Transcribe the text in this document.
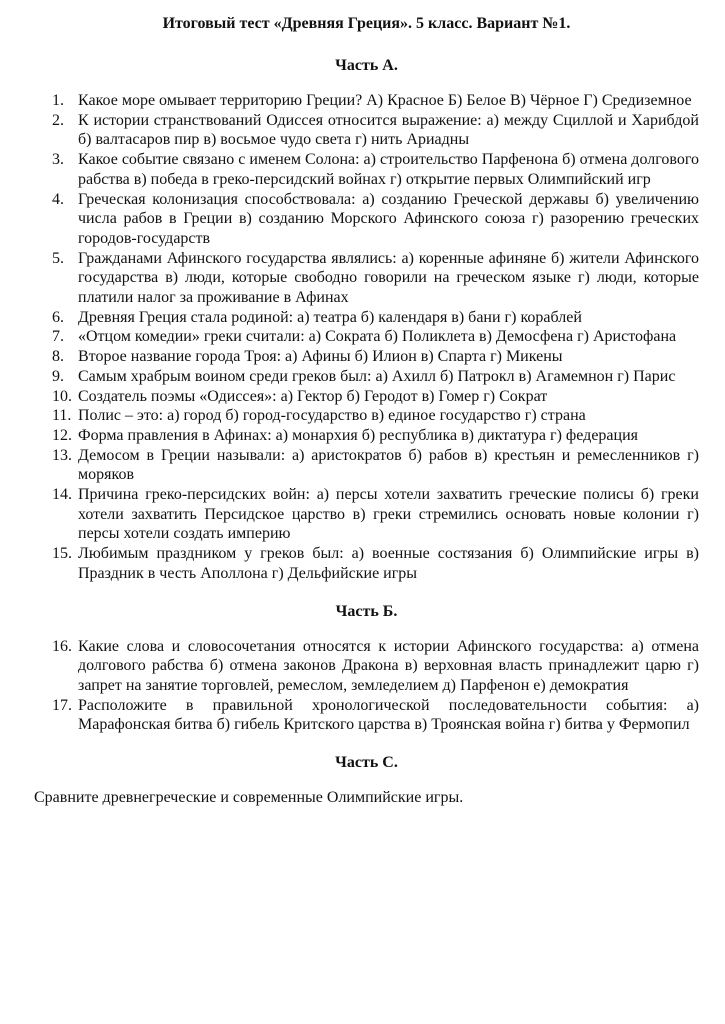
Итоговый тест «Древняя Греция». 5 класс. Вариант №1.
Часть А.

1. Какое море омывает территорию Греции? А) Красное Б) Белое В) Чёрное Г) Средиземное

2. К истории странствований Одиссея относится выражение: а) между Сциллой и Харибдой б) валтасаров пир в) восьмое чудо света г) нить Ариадны

3. Какое событие связано с именем Солона: а) строительство Парфенона б) отмена долгового рабства в) победа в греко-персидский войнах г) открытие первых Олимпийский игр

4. Греческая колонизация способствовала: а) созданию Греческой державы б) увеличению числа рабов в Греции в) созданию Морского Афинского союза г) разорению греческих городов-государств

5. Гражданами Афинского государства являлись: а) коренные афиняне б) жители Афинского государства в) люди, которые свободно говорили на греческом языке г) люди, которые платили налог за проживание в Афинах

6. Древняя Греция стала родиной: а) театра б) календаря в) бани г) кораблей

7. «Отцом комедии» греки считали: а) Сократа б) Поликлета в) Демосфена г) Аристофана

8. Второе название города Троя: а) Афины б) Илион в) Спарта г) Микены

9. Самым храбрым воином среди греков был: а) Ахилл б) Патрокл в) Агамемнон г) Парис

10. Создатель поэмы «Одиссея»: а) Гектор б) Геродот в) Гомер г) Сократ

11. Полис – это: а) город б) город-государство в) единое государство г) страна

12. Форма правления в Афинах: а) монархия б) республика в) диктатура г) федерация

13. Демосом в Греции называли: а) аристократов б) рабов в) крестьян и ремесленников г) моряков

14. Причина греко-персидских войн: а) персы хотели захватить греческие полисы б) греки хотели захватить Персидское царство в) греки стремились основать новые колонии г) персы хотели создать империю

15. Любимым праздником у греков был: а) военные состязания б) Олимпийские игры в) Праздник в честь Аполлона г) Дельфийские игры

Часть Б.

16. Какие слова и словосочетания относятся к истории Афинского государства: а) отмена долгового рабства б) отмена законов Дракона в) верховная власть принадлежит царю г) запрет на занятие торговлей, ремеслом, земледелием д) Парфенон е) демократия

17. Расположите в правильной хронологической последовательности события: а) Марафонская битва б) гибель Критского царства в) Троянская война г) битва у Фермопил

Часть С.

Сравните древнегреческие и современные Олимпийские игры.
